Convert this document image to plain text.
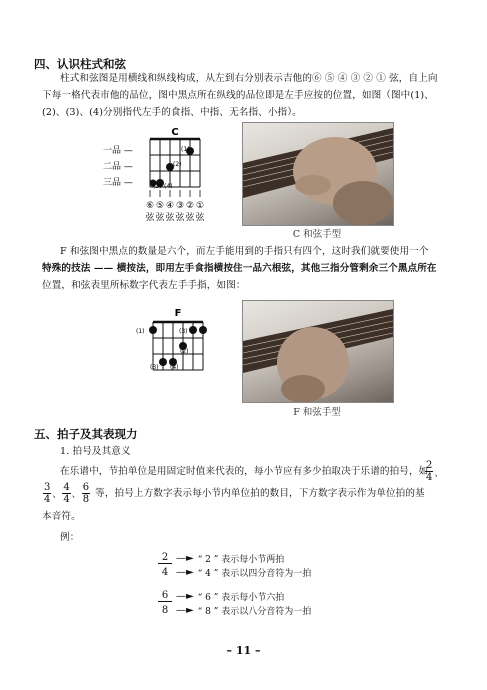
四、认识柱式和弦
柱式和弦图是用横线和纵线构成，从左到右分别表示吉他的⑥ ⑤ ④ ③ ② ① 弦，自上向
下每一格代表市他的品位，图中黑点所在纵线的品位即是左手应按的位置，如图（图中(1)、
(2)、(3)、(4)分别指代左手的食指、中指、无名指、小指）。
C
(1)
(2)
(3) (4)
一品 —
二品 —
三品 —
⑥ ⑤ ④ ③ ② ①
弦 弦 弦 弦 弦 弦
C 和弦手型
F 和弦图中黑点的数量是六个，而左手能用到的手指只有四个，这时我们就要使用一个
特殊的技法 —— 横按法，即用左手食指横按住一品六根弦，其他三指分管剩余三个黑点所在
位置，和弦表里所标数字代表左手手指，如图：
F
(1)	(3)
(2)
(3) (4)
F 和弦手型
五、拍子及其表现力
1. 拍号及其意义
在乐谱中，节拍单位是用固定时值来代表的，每小节应有多少拍取决于乐谱的拍号，如
$\frac{2}{4}$ 、
$\frac{3}{4}$ 、 $\frac{4}{4}$ 、 $\frac{6}{8}$ 等，拍号上方数字表示每小节内单位拍的数目，下方数字表示作为单位拍的基
本音符。
例：
2 —► “ 2 ” 表示每小节两拍
4 —► “ 4 ” 表示以四分音符为一拍
6 —► “ 6 ” 表示每小节六拍
8 —► “ 8 ” 表示以八分音符为一拍
– 11 –
